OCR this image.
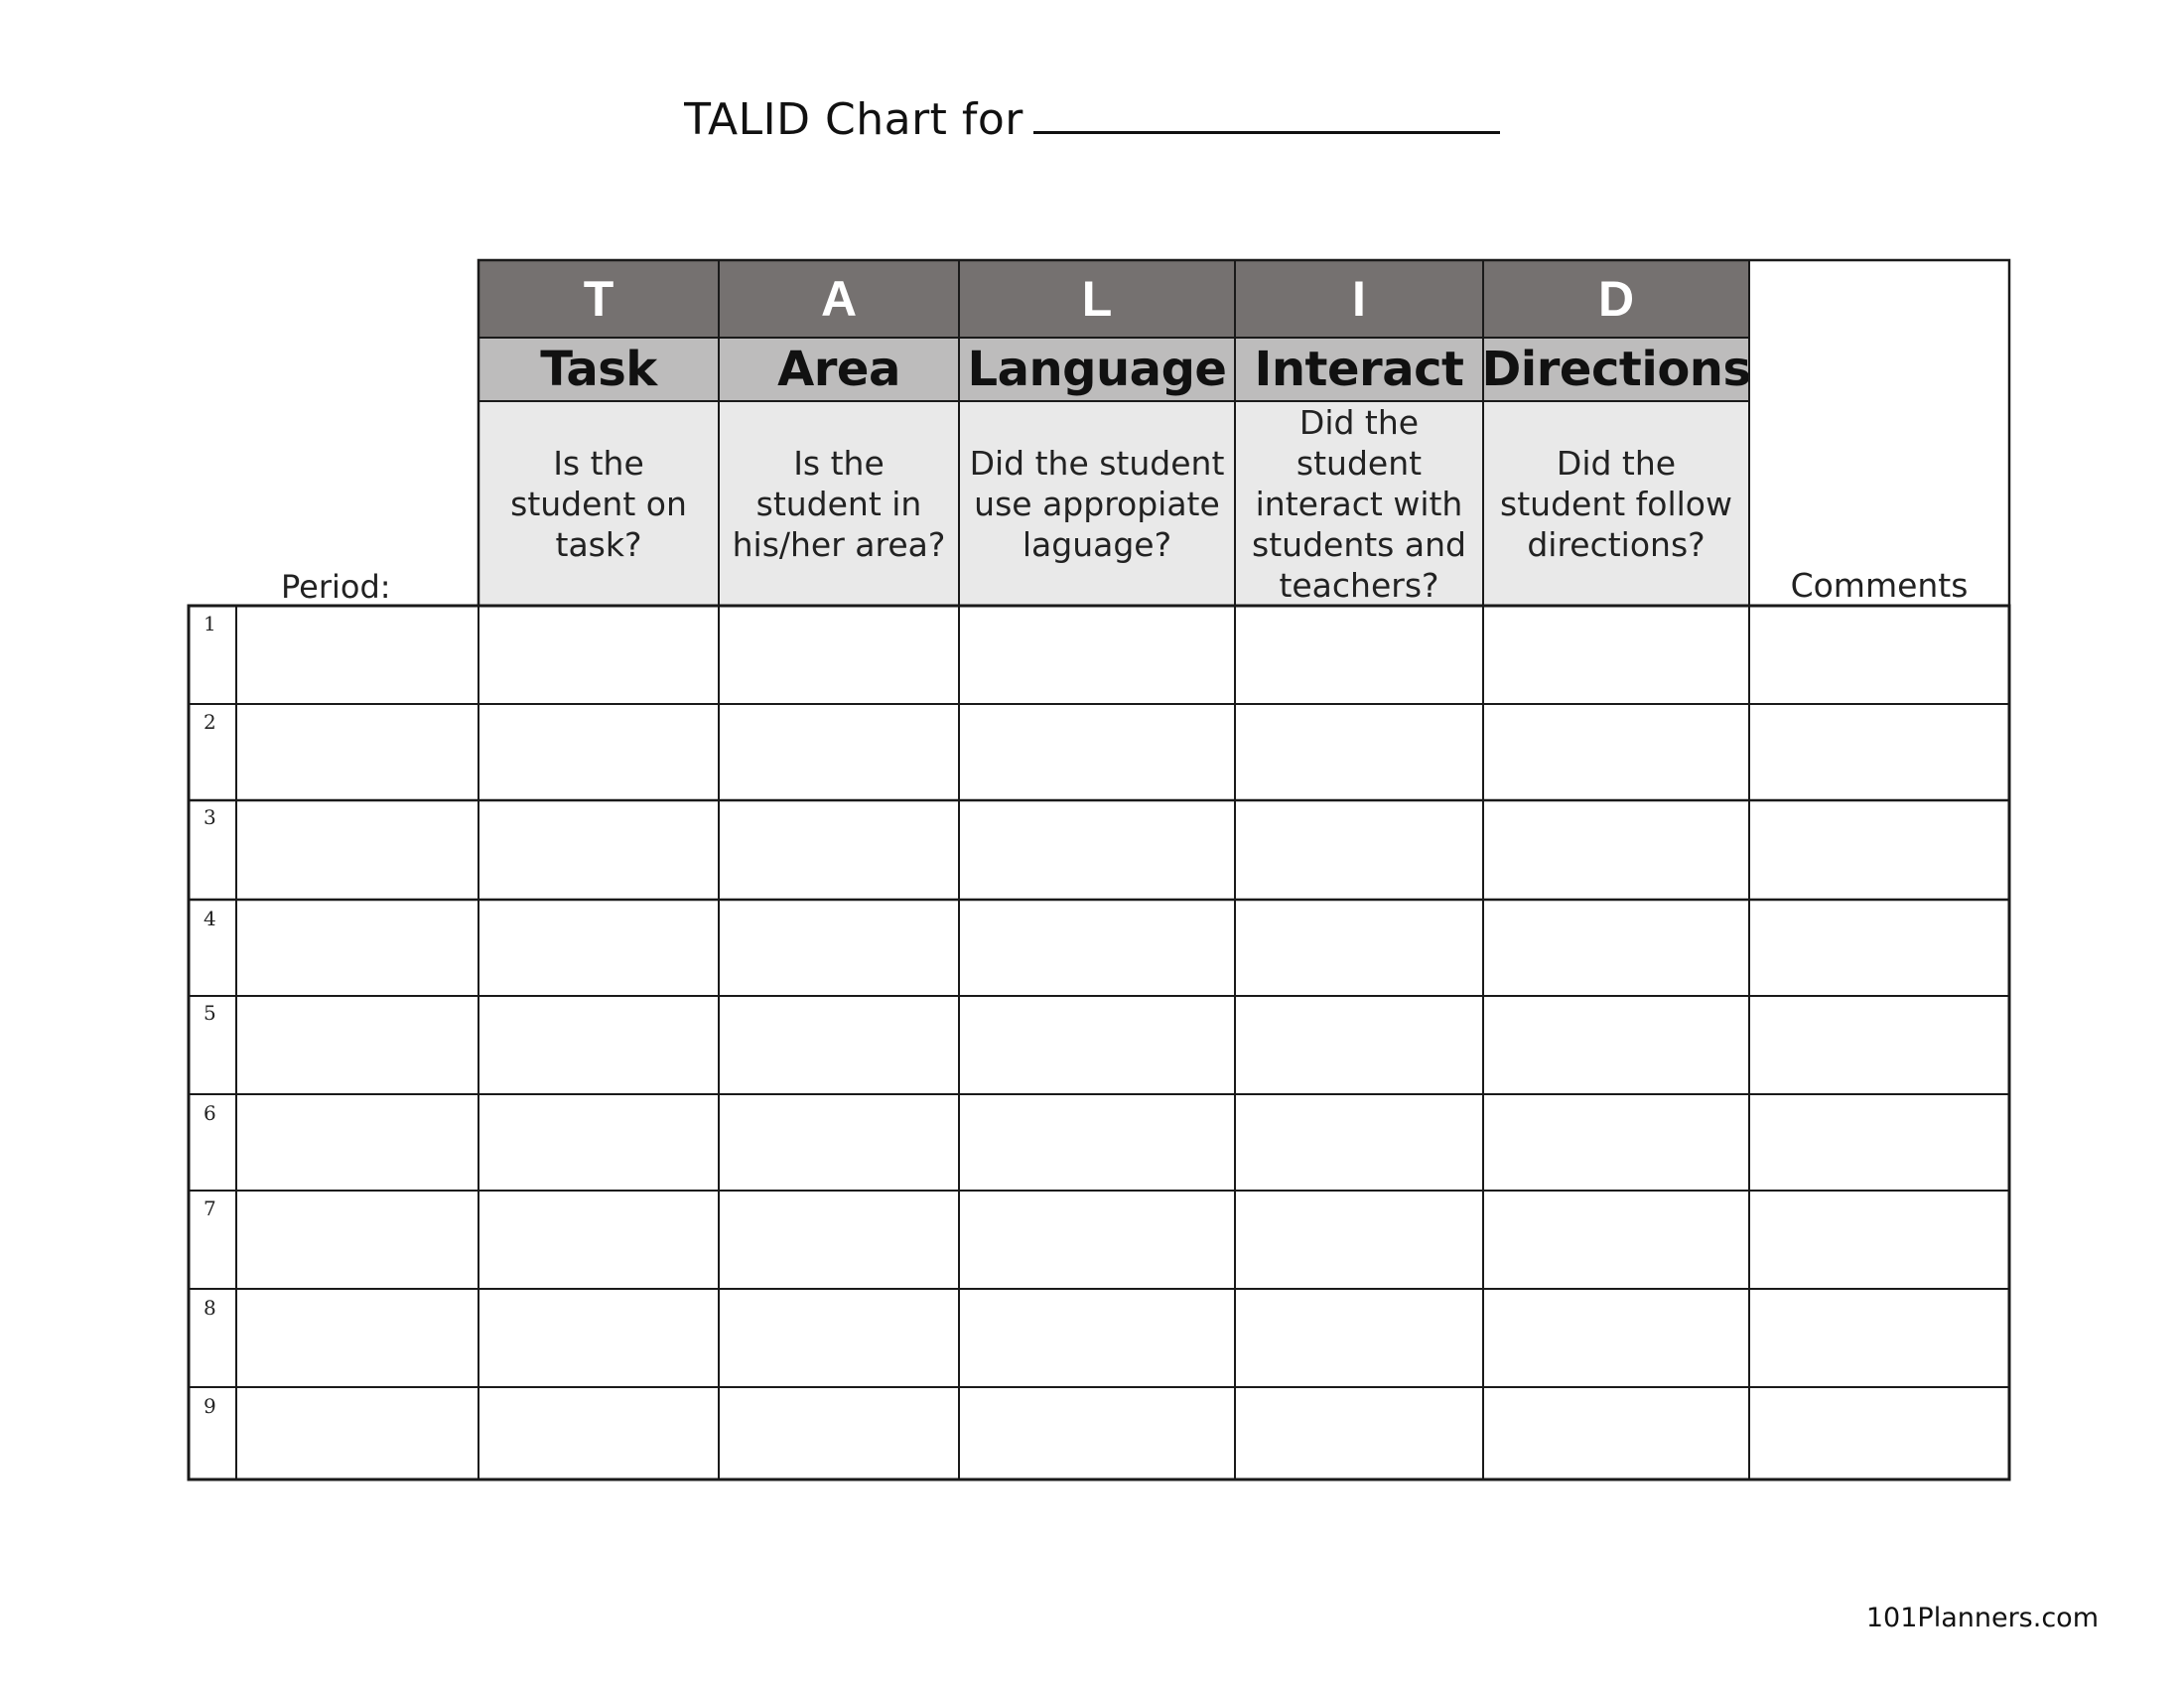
TALID Chart for
T
Task
Is the student on task?
A
Area
Is the student in his/her area?
L
Language
Did the student use appropiate laguage?
I
Interact
Did the student interact with students and teachers?
D
Directions
Did the student follow directions?
Period:	Comments
1
2
3
4
5
6
7
8
9
101Planners.com
